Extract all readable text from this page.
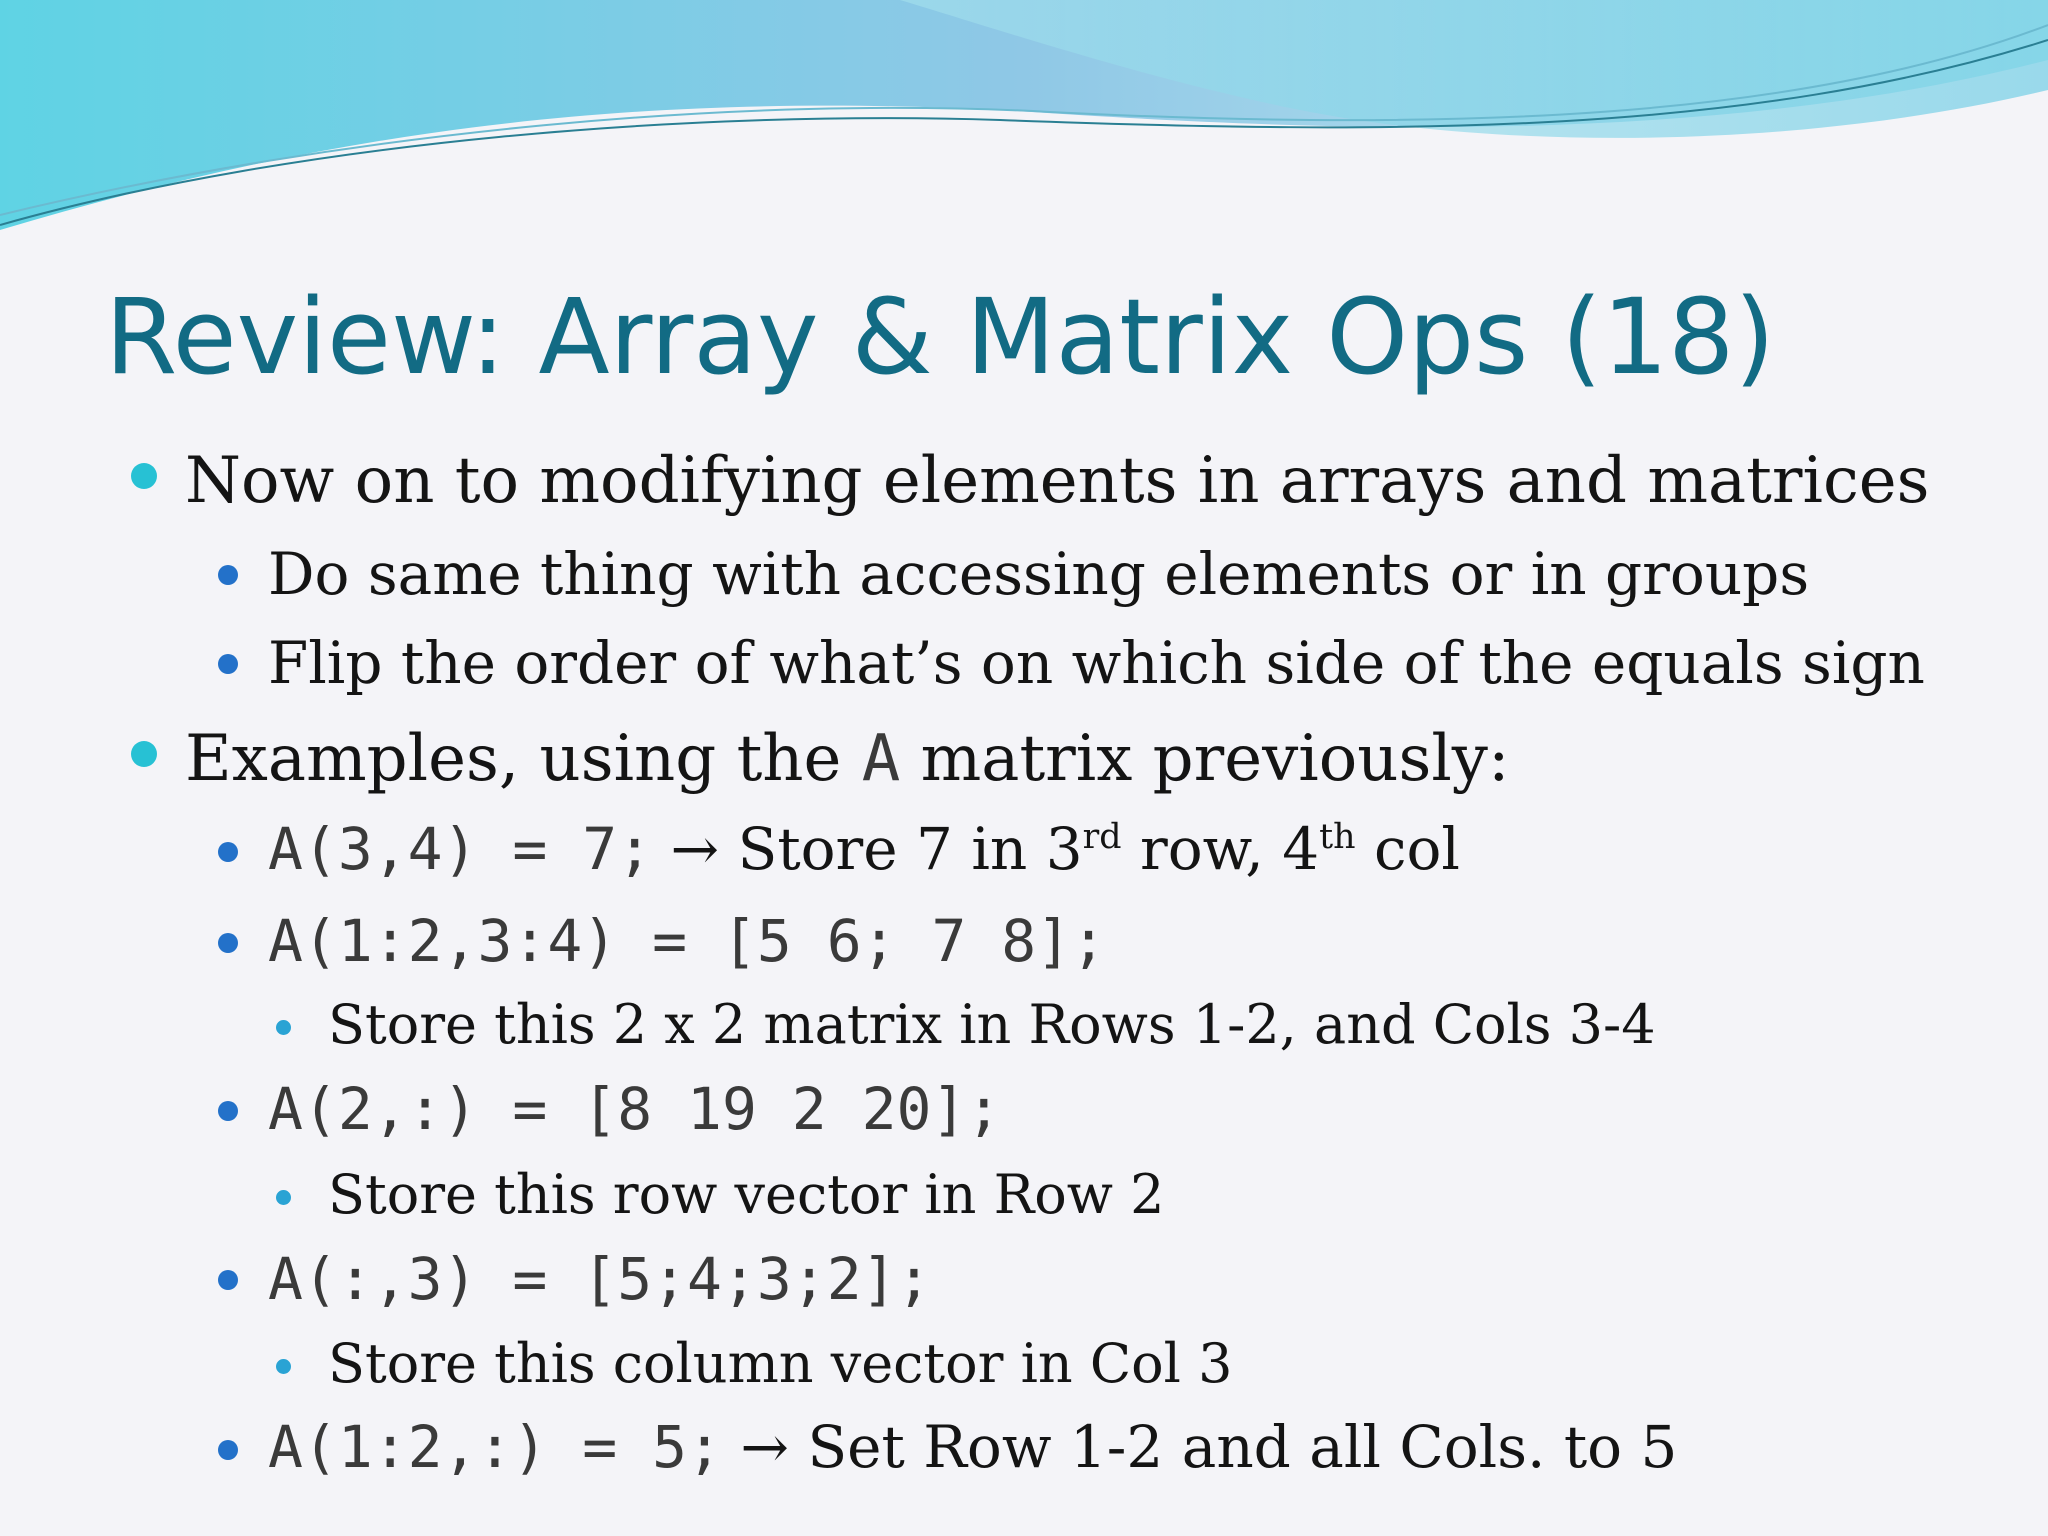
Review: Array & Matrix Ops (18)
Now on to modifying elements in arrays and matrices
Do same thing with accessing elements or in groups
Flip the order of what’s on which side of the equals sign
Examples, using the A matrix previously:
A(3,4) = 7; → Store 7 in 3rd row, 4th col
A(1:2,3:4) = [5 6; 7 8];
Store this 2 x 2 matrix in Rows 1-2, and Cols 3-4
A(2,:) = [8 19 2 20];
Store this row vector in Row 2
A(:,3) = [5;4;3;2];
Store this column vector in Col 3
A(1:2,:) = 5; → Set Row 1-2 and all Cols. to 5
